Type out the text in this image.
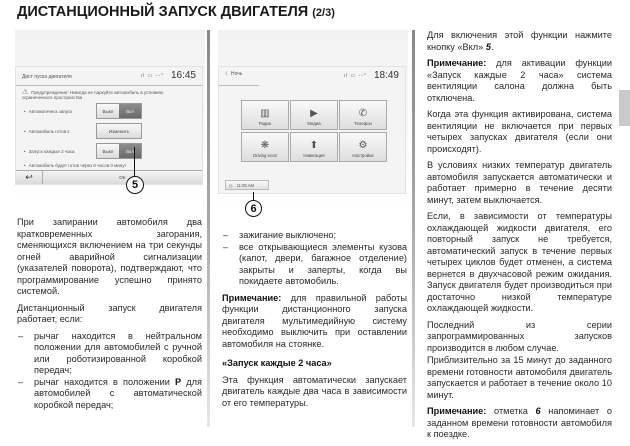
ДИСТАНЦИОННЫЙ ЗАПУСК ДВИГАТЕЛЯ (2/3)
Дист пуска двигателя	ıl ▭ --° 16:45
⚠ Предупреждение: Никогда не паркуйте автомобиль в условиях ограниченного пространства
• Автоматическ запуск	Выкл	Вкл
• Автомобиль готов к	Изменить
• Запуск каждые 2 часа	Выкл	Вкл
• Автомобиль будет готов через 0 часов 0 минут
↩	OK
5
☾ Ночь	ıl ▭ --° 18:49
▥
Радио
▶
Медиа
✆
Телефон
❋
Driving eco2
⬆
Навигация
⚙
Настройка
◷ 11:05 AM
6

При запирании автомобиля два кратковременных загорания, сменяющихся включением на три секунды огней аварийной сигнализации (указателей поворота), подтверждают, что программирование успешно принято системой.

Дистанционный запуск двигателя работает, если:

– рычаг находится в нейтральном положении для автомобилей с ручной или роботизированной коробкой передач;
– рычаг находится в положении P для автомобилей с автоматической коробкой передач;
– зажигание выключено;
– все открывающиеся элементы кузова (капот, двери, багажное отделение) закрыты и заперты, когда вы покидаете автомобиль.

Примечание: для правильной работы функции дистанционного запуска двигателя мультимедийную систему необходимо выключить при оставлении автомобиля на стоянке.

«Запуск каждые 2 часа»

Эта функция автоматически запускает двигатель каждые два часа в зависимости от его температуры.

Для включения этой функции нажмите кнопку «Вкл» 5.

Примечание: для активации функции «Запуск каждые 2 часа» система вентиляции салона должна быть отключена.

Когда эта функция активирована, система вентиляции не включается при первых четырех запусках двигателя (если они происходят).

В условиях низких температур двигатель автомобиля запускается автоматически и работает примерно в течение десяти минут, затем выключается.

Если, в зависимости от температуры охлаждающей жидкости двигателя, его повторный запуск не требуется, автоматический запуск в течение первых четырех циклов будет отменен, а система вернется в двухчасовой режим ожидания. Запуск двигателя будет производиться при достаточно низкой температуре охлаждающей жидкости.

Последний из серии запрограммированных запусков производится в любом случае.

Приблизительно за 15 минут до заданного времени готовности автомобиля двигатель запускается и работает в течение около 10 минут.

Примечание: отметка 6 напоминает о заданном времени готовности автомобиля к поездке.
